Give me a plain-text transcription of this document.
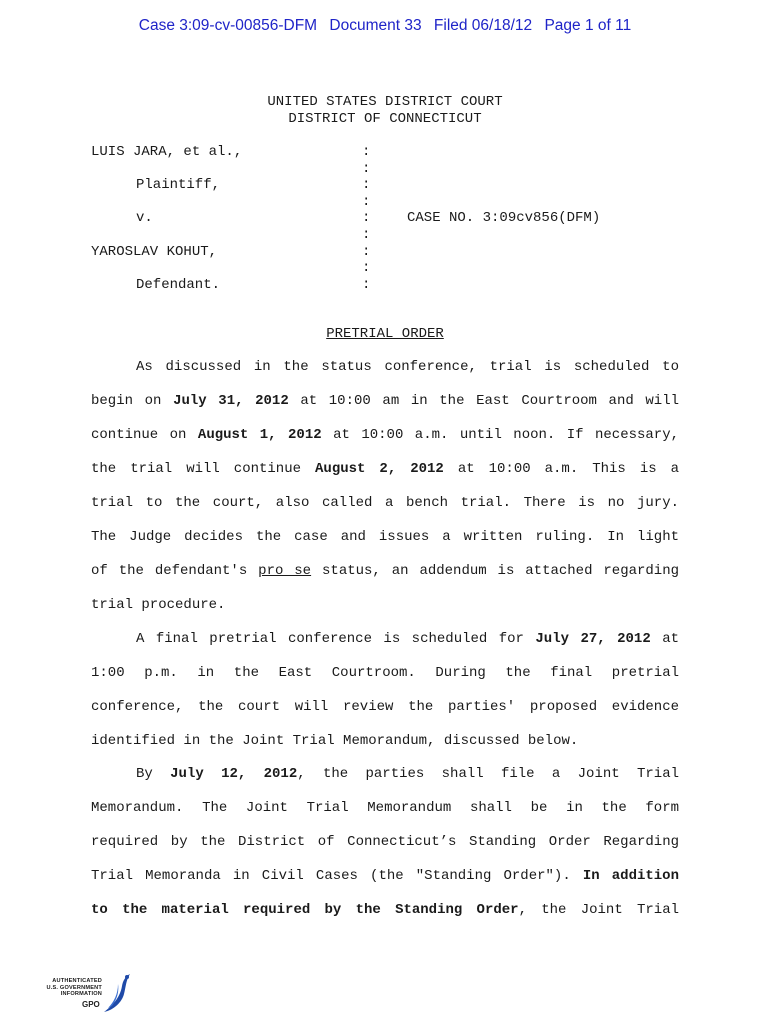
Case 3:09-cv-00856-DFM Document 33 Filed 06/18/12 Page 1 of 11
UNITED STATES DISTRICT COURT
DISTRICT OF CONNECTICUT
LUIS JARA, et al.,
Plaintiff,
v.	CASE NO. 3:09cv856(DFM)
YAROSLAV KOHUT,
Defendant.
:
:
:
:
:
:
:
:
:
PRETRIAL ORDER
As discussed in the status conference, trial is scheduled to
begin on July 31, 2012 at 10:00 am in the East Courtroom and will
continue on August 1, 2012 at 10:00 a.m. until noon. If necessary,
the trial will continue August 2, 2012 at 10:00 a.m. This is a
trial to the court, also called a bench trial. There is no jury.
The Judge decides the case and issues a written ruling. In light
of the defendant's pro se status, an addendum is attached regarding
trial procedure.
A final pretrial conference is scheduled for July 27, 2012 at
1:00 p.m. in the East Courtroom. During the final pretrial
conference, the court will review the parties' proposed evidence
identified in the Joint Trial Memorandum, discussed below.
By July 12, 2012, the parties shall file a Joint Trial
Memorandum. The Joint Trial Memorandum shall be in the form
required by the District of Connecticut’s Standing Order Regarding
Trial Memoranda in Civil Cases (the "Standing Order"). In addition
to the material required by the Standing Order, the Joint Trial
AUTHENTICATED
U.S. GOVERNMENT
INFORMATION
GPO
